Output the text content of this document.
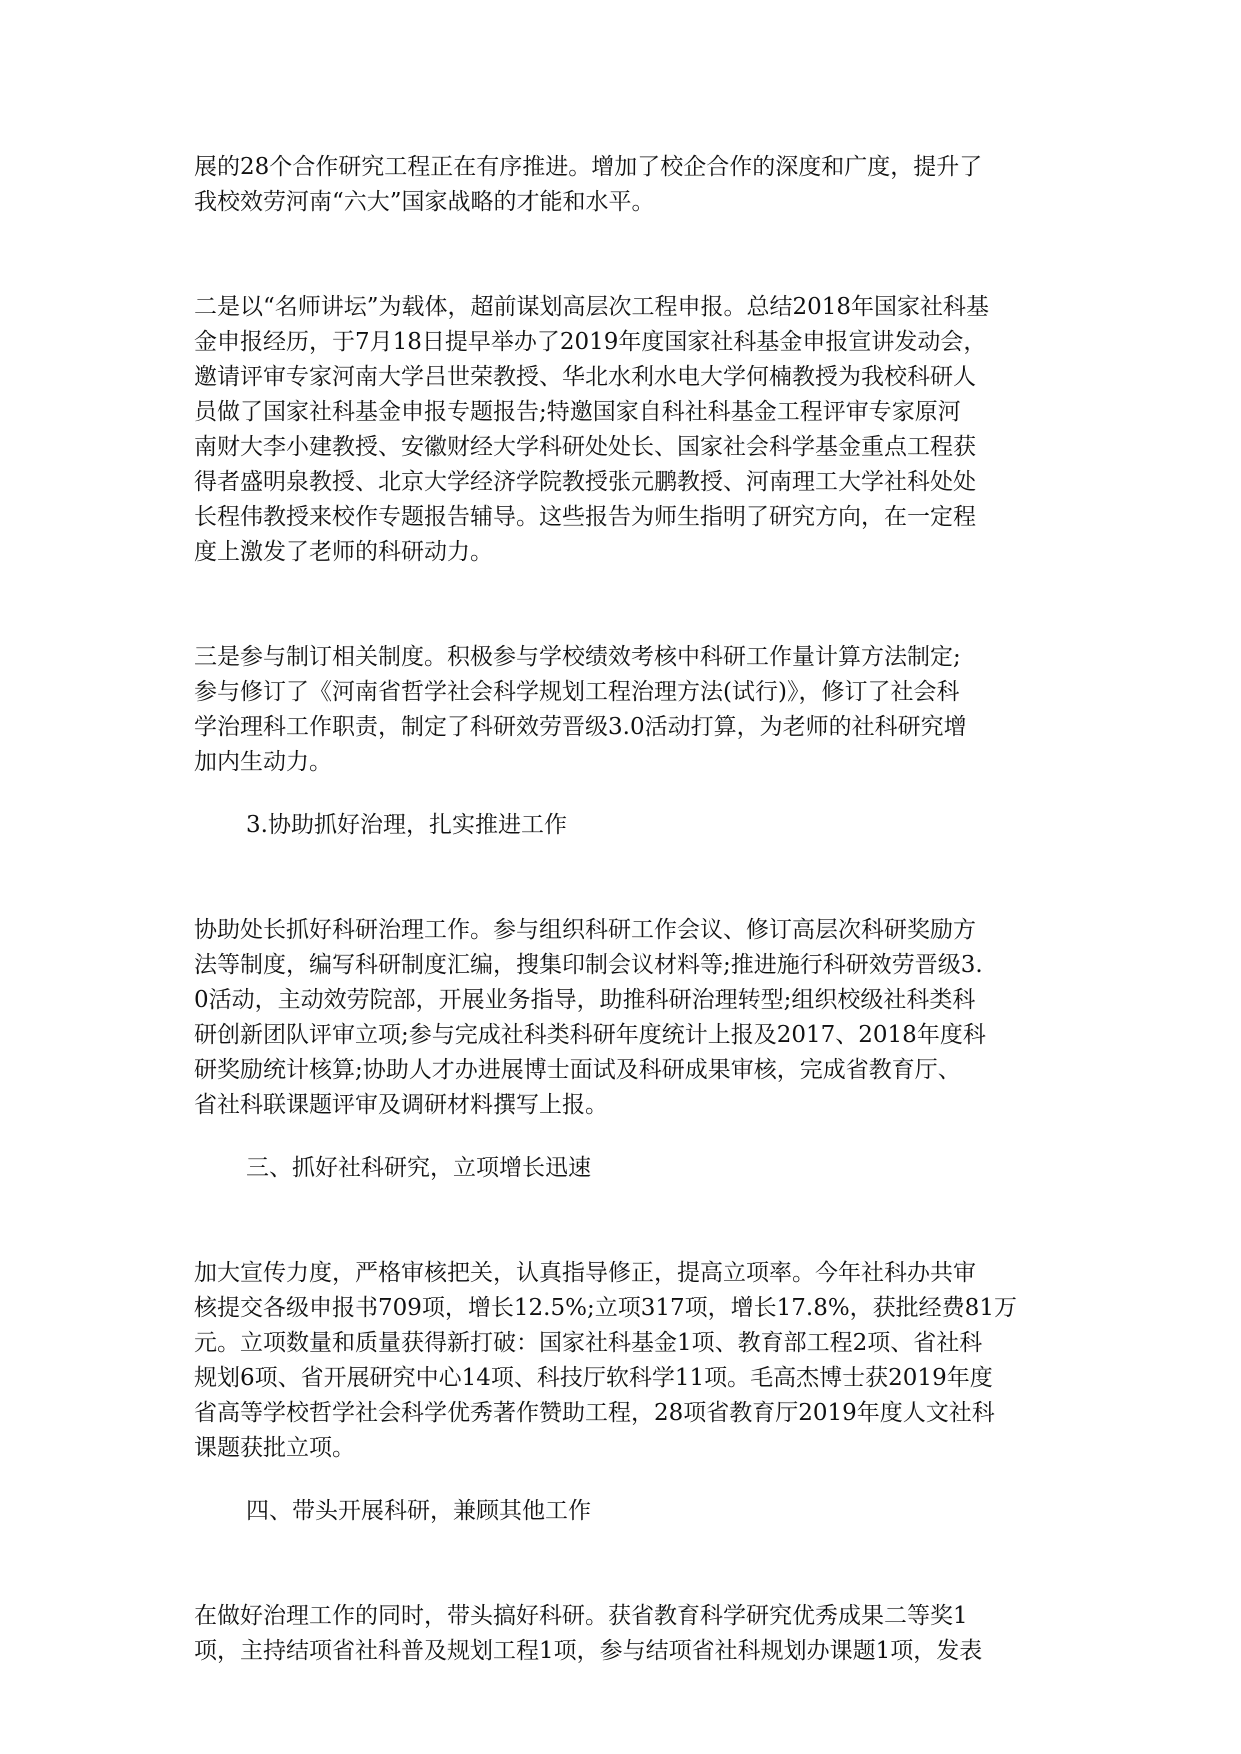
展的28个合作研究工程正在有序推进。增加了校企合作的深度和广度，提升了
我校效劳河南“六大”国家战略的才能和水平。

二是以“名师讲坛”为载体，超前谋划高层次工程申报。总结2018年国家社科基
金申报经历，于7月18日提早举办了2019年度国家社科基金申报宣讲发动会，
邀请评审专家河南大学吕世荣教授、华北水利水电大学何楠教授为我校科研人
员做了国家社科基金申报专题报告;特邀国家自科社科基金工程评审专家原河
南财大李小建教授、安徽财经大学科研处处长、国家社会科学基金重点工程获
得者盛明泉教授、北京大学经济学院教授张元鹏教授、河南理工大学社科处处
长程伟教授来校作专题报告辅导。这些报告为师生指明了研究方向，在一定程
度上激发了老师的科研动力。

三是参与制订相关制度。积极参与学校绩效考核中科研工作量计算方法制定;
参与修订了《河南省哲学社会科学规划工程治理方法(试行)》，修订了社会科
学治理科工作职责，制定了科研效劳晋级3.0活动打算，为老师的社科研究增
加内生动力。

3.协助抓好治理，扎实推进工作

协助处长抓好科研治理工作。参与组织科研工作会议、修订高层次科研奖励方
法等制度，编写科研制度汇编，搜集印制会议材料等;推进施行科研效劳晋级3.
0活动，主动效劳院部，开展业务指导，助推科研治理转型;组织校级社科类科
研创新团队评审立项;参与完成社科类科研年度统计上报及2017、2018年度科
研奖励统计核算;协助人才办进展博士面试及科研成果审核，完成省教育厅、
省社科联课题评审及调研材料撰写上报。

三、抓好社科研究，立项增长迅速

加大宣传力度，严格审核把关，认真指导修正，提高立项率。今年社科办共审
核提交各级申报书709项，增长12.5%;立项317项，增长17.8%，获批经费81万
元。立项数量和质量获得新打破：国家社科基金1项、教育部工程2项、省社科
规划6项、省开展研究中心14项、科技厅软科学11项。毛高杰博士获2019年度
省高等学校哲学社会科学优秀著作赞助工程，28项省教育厅2019年度人文社科
课题获批立项。

四、带头开展科研，兼顾其他工作

在做好治理工作的同时，带头搞好科研。获省教育科学研究优秀成果二等奖1
项，主持结项省社科普及规划工程1项，参与结项省社科规划办课题1项，发表
